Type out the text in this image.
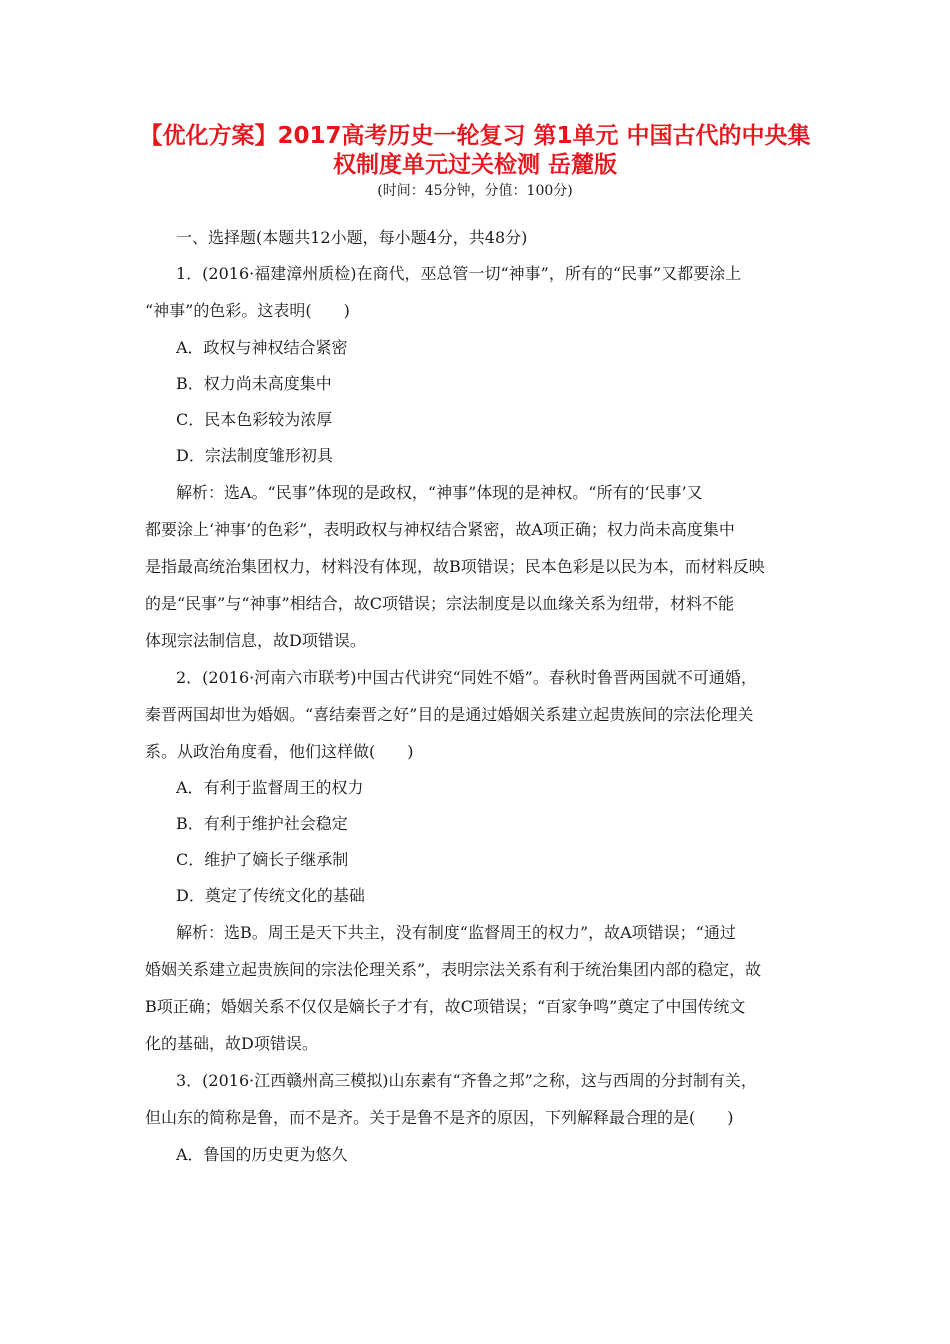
【优化方案】2017高考历史一轮复习 第1单元 中国古代的中央集
权制度单元过关检测 岳麓版
(时间：45分钟，分值：100分)
一、选择题(本题共12小题，每小题4分，共48分)
1．(2016·福建漳州质检)在商代，巫总管一切“神事”，所有的“民事”又都要涂上
“神事”的色彩。这表明(　　)
A．政权与神权结合紧密
B．权力尚未高度集中
C．民本色彩较为浓厚
D．宗法制度雏形初具
解析：选A。“民事”体现的是政权，“神事”体现的是神权。“所有的‘民事’又
都要涂上‘神事’的色彩”，表明政权与神权结合紧密，故A项正确；权力尚未高度集中
是指最高统治集团权力，材料没有体现，故B项错误；民本色彩是以民为本，而材料反映
的是“民事”与“神事”相结合，故C项错误；宗法制度是以血缘关系为纽带，材料不能
体现宗法制信息，故D项错误。
2．(2016·河南六市联考)中国古代讲究“同姓不婚”。春秋时鲁晋两国就不可通婚，
秦晋两国却世为婚姻。“喜结秦晋之好”目的是通过婚姻关系建立起贵族间的宗法伦理关
系。从政治角度看，他们这样做(　　)
A．有利于监督周王的权力
B．有利于维护社会稳定
C．维护了嫡长子继承制
D．奠定了传统文化的基础
解析：选B。周王是天下共主，没有制度“监督周王的权力”，故A项错误；“通过
婚姻关系建立起贵族间的宗法伦理关系”，表明宗法关系有利于统治集团内部的稳定，故
B项正确；婚姻关系不仅仅是嫡长子才有，故C项错误；“百家争鸣”奠定了中国传统文
化的基础，故D项错误。
3．(2016·江西赣州高三模拟)山东素有“齐鲁之邦”之称，这与西周的分封制有关，
但山东的简称是鲁，而不是齐。关于是鲁不是齐的原因，下列解释最合理的是(　　)
A．鲁国的历史更为悠久
